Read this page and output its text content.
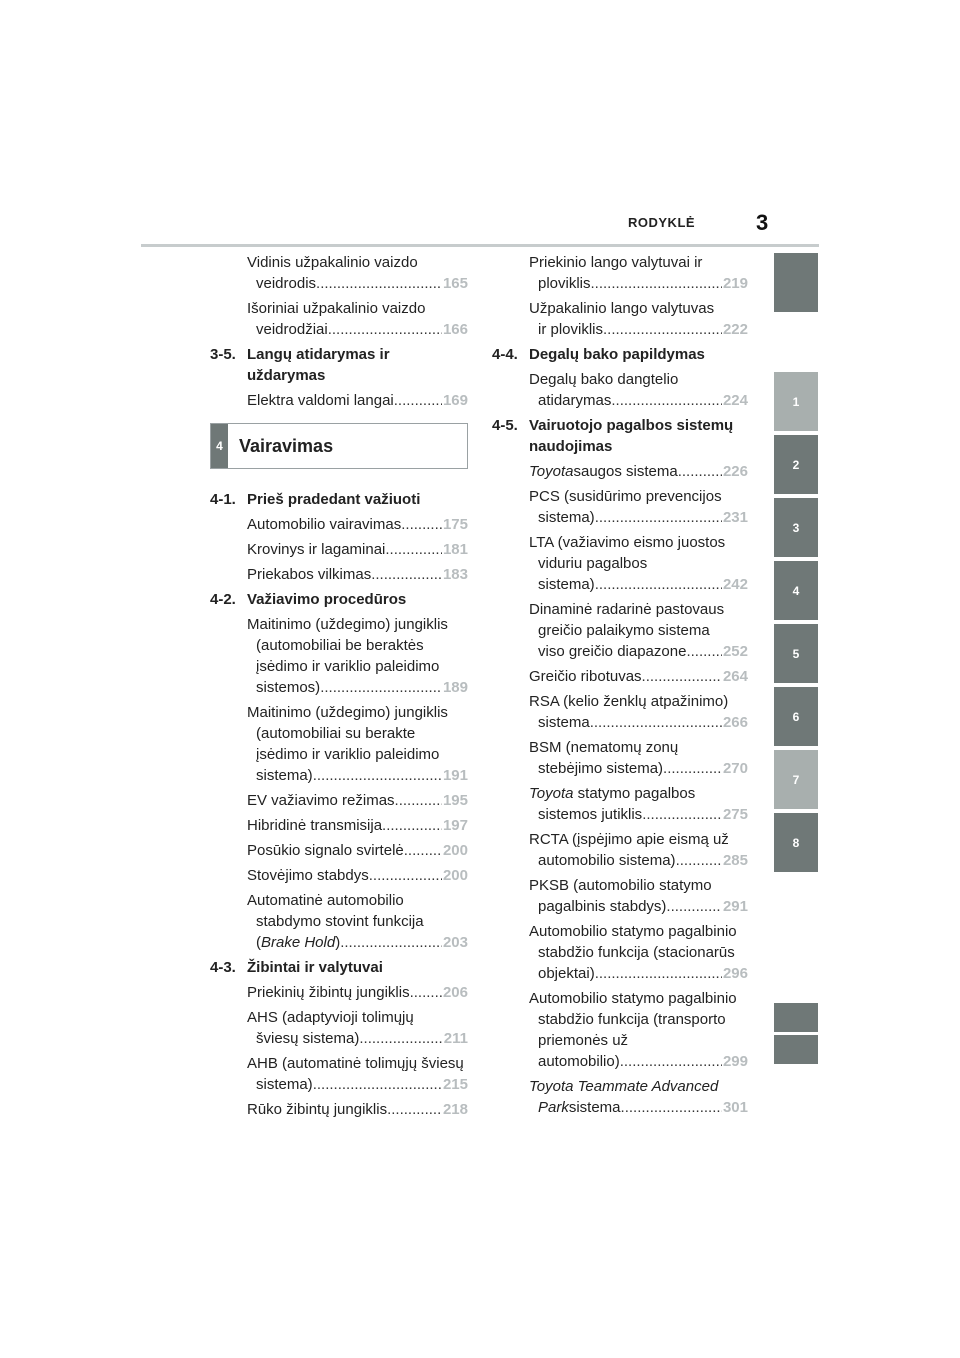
RODYKLĖ	3
Vidinis užpakalinio vaizdo
veidrodis .....	165
Išoriniai užpakalinio vaizdo
veidrodžiai .....	166
3-5. Langų atidarymas ir uždarymas
Elektra valdomi langai .....	169
4 Vairavimas
4-1. Prieš pradedant važiuoti
Automobilio vairavimas .....	175
Krovinys ir lagaminai .....	181
Priekabos vilkimas .....	183
4-2. Važiavimo procedūros
Maitinimo (uždegimo) jungiklis
(automobiliai be beraktės
įsėdimo ir variklio paleidimo
sistemos) .....	189
Maitinimo (uždegimo) jungiklis
(automobiliai su berakte
įsėdimo ir variklio paleidimo
sistema) .....	191
EV važiavimo režimas .....	195
Hibridinė transmisija .....	197
Posūkio signalo svirtelė .....	200
Stovėjimo stabdys .....	200
Automatinė automobilio
stabdymo stovint funkcija
( Brake Hold ) .....	203
4-3. Žibintai ir valytuvai
Priekinių žibintų jungiklis ..... 206
AHS (adaptyvioji tolimųjų
šviesų sistema) .....	211
AHB (automatinė tolimųjų šviesų
sistema) .....	215
Rūko žibintų jungiklis .....	218
Priekinio lango valytuvai ir
ploviklis .....	219
Užpakalinio lango valytuvas
ir ploviklis .....	222
4-4. Degalų bako papildymas
Degalų bako dangtelio
atidarymas .....	224
4-5. Vairuotojo pagalbos sistemų naudojimas
Toyota saugos sistema .....	226
PCS (susidūrimo prevencijos
sistema) .....	231
LTA (važiavimo eismo juostos
viduriu pagalbos
sistema) .....	242
Dinaminė radarinė pastovaus
greičio palaikymo sistema
viso greičio diapazone ..... 252
Greičio ribotuvas .....	264
RSA (kelio ženklų atpažinimo)
sistema .....	266
BSM (nematomų zonų
stebėjimo sistema) .....	270
Toyota statymo pagalbos
sistemos jutiklis .....	275
RCTA (įspėjimo apie eismą už
automobilio sistema) .....	285
PKSB (automobilio statymo
pagalbinis stabdys) .....	291
Automobilio statymo pagalbinio
stabdžio funkcija (stacionarūs
objektai) .....	296
Automobilio statymo pagalbinio
stabdžio funkcija (transporto
priemonės už
automobilio) .....	299
Toyota Teammate Advanced
Park sistema .....	301
1
2
3
4
5
6
7
8
